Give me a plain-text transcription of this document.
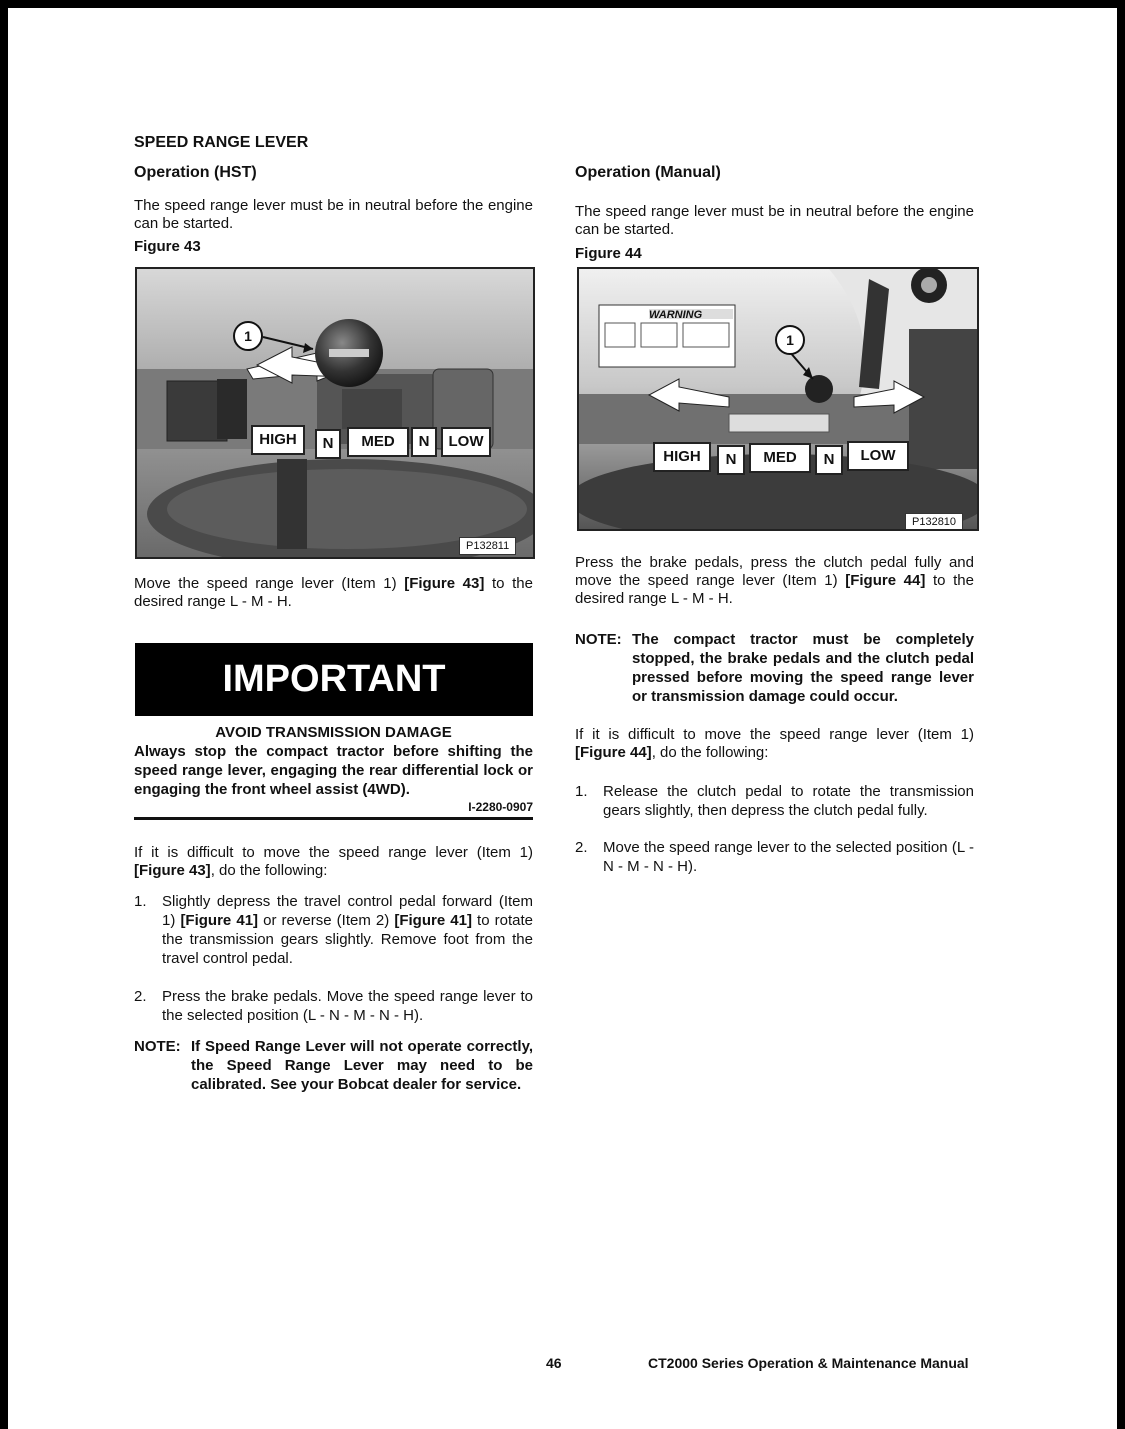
SPEED RANGE LEVER
Operation (HST)
The speed range lever must be in neutral before the engine can be started.
Figure 43
1
HIGH	N	MED	N	LOW
P132811
Move the speed range lever (Item 1) [Figure 43] to the desired range L - M - H.
IMPORTANT
AVOID TRANSMISSION DAMAGE
Always stop the compact tractor before shifting the speed range lever, engaging the rear differential lock or engaging the front wheel assist (4WD).
I-2280-0907
If it is difficult to move the speed range lever (Item 1) [Figure 43], do the following:
1. Slightly depress the travel control pedal forward (Item 1) [Figure 41] or reverse (Item 2) [Figure 41] to rotate the transmission gears slightly. Remove foot from the travel control pedal.
2. Press the brake pedals. Move the speed range lever to the selected position (L - N - M - N - H).
NOTE: If Speed Range Lever will not operate correctly, the Speed Range Lever may need to be calibrated. See your Bobcat dealer for service.
Operation (Manual)
The speed range lever must be in neutral before the engine can be started.
Figure 44
WARNING
1
HIGH	N	MED	N	LOW
P132810
Press the brake pedals, press the clutch pedal fully and move the speed range lever (Item 1) [Figure 44] to the desired range L - M - H.
NOTE: The compact tractor must be completely stopped, the brake pedals and the clutch pedal pressed before moving the speed range lever or transmission damage could occur.
If it is difficult to move the speed range lever (Item 1) [Figure 44], do the following:
1. Release the clutch pedal to rotate the transmission gears slightly, then depress the clutch pedal fully.
2. Move the speed range lever to the selected position (L - N - M - N - H).
46	CT2000 Series Operation & Maintenance Manual
